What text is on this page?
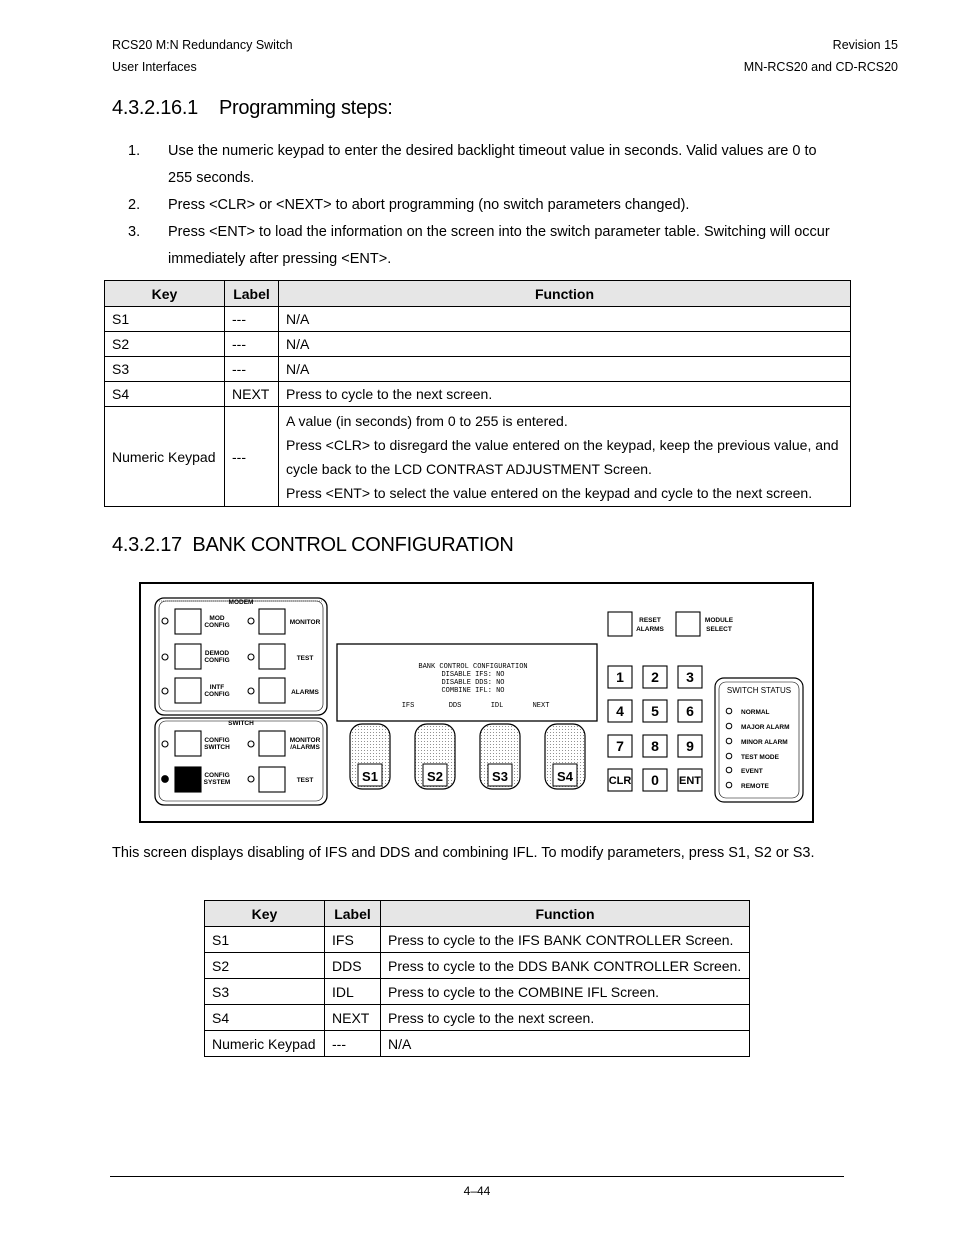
RCS20 M:N Redundancy Switch
User Interfaces
Revision 15
MN-RCS20 and CD-RCS20
4.3.2.16.1    Programming steps:
1. Use the numeric keypad to enter the desired backlight timeout value in seconds. Valid values are 0 to 255 seconds.
2. Press <CLR> or <NEXT> to abort programming (no switch parameters changed).
3. Press <ENT> to load the information on the screen into the switch parameter table. Switching will occur immediately after pressing <ENT>.
Key	Label	Function
S1	---	N/A
S2	---	N/A
S3	---	N/A
S4	NEXT	Press to cycle to the next screen.
Numeric Keypad	---	A value (in seconds) from 0 to 255 is entered.
Press <CLR> to disregard the value entered on the keypad, keep the previous value, and cycle back to the LCD CONTRAST ADJUSTMENT Screen.
Press <ENT> to select the value entered on the keypad and cycle to the next screen.
4.3.2.17  BANK CONTROL CONFIGURATION
MODEM
MOD
CONFIG	MONITOR
DEMOD
CONFIG	TEST
INTF
CONFIG	ALARMS
SWITCH
CONFIG
SWITCH
MONITOR
/ALARMS
CONFIG
SYSTEM	TEST
BANK CONTROL CONFIGURATION
DISABLE IFS: NO
DISABLE DDS: NO
COMBINE IFL: NO
IFS	DDS	IDL	NEXT
S1	S2	S3	S4
RESET
ALARMS
MODULE
SELECT
1 2 3
4 5 6
7 8 9
CLR 0 ENT
SWITCH STATUS
NORMAL
MAJOR ALARM
MINOR ALARM
TEST MODE
EVENT
REMOTE

This screen displays disabling of IFS and DDS and combining IFL. To modify parameters, press S1, S2 or S3.

Key	Label	Function
S1	IFS	Press to cycle to the IFS BANK CONTROLLER Screen.
S2	DDS	Press to cycle to the DDS BANK CONTROLLER Screen.
S3	IDL	Press to cycle to the COMBINE IFL Screen.
S4	NEXT	Press to cycle to the next screen.
Numeric Keypad	---	N/A
4–44
